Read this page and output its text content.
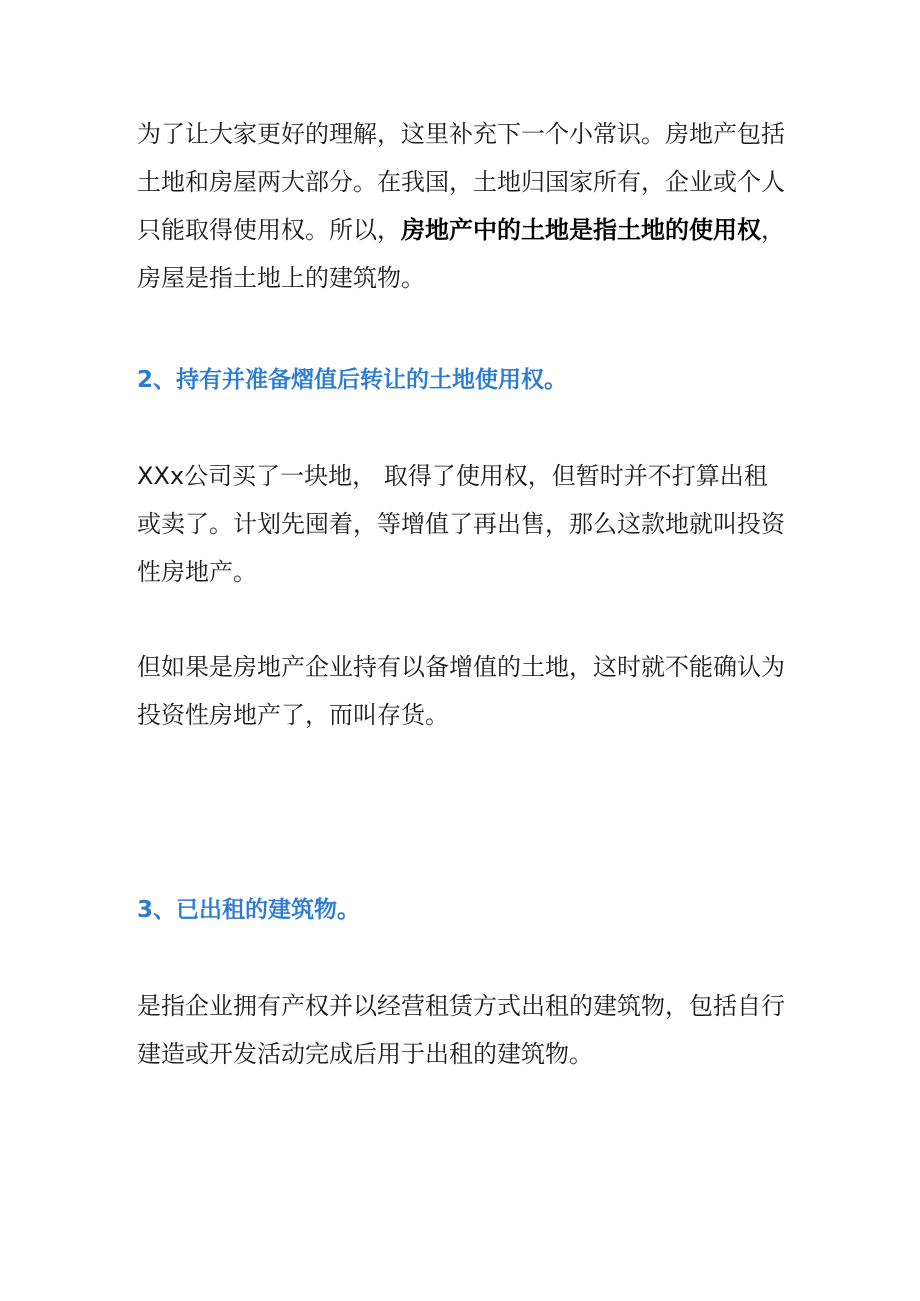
为了让大家更好的理解，这里补充下一个小常识。房地产包括土地和房屋两大部分。在我国，土地归国家所有，企业或个人只能取得使用权。所以，房地产中的土地是指土地的使用权，房屋是指土地上的建筑物。

2、持有并准备熠值后转让的土地使用权。

XXx公司买了一块地， 取得了使用权，但暂时并不打算出租或卖了。计划先囤着，等增值了再出售，那么这款地就叫投资性房地产。

但如果是房地产企业持有以备增值的土地，这时就不能确认为投资性房地产了，而叫存货。

3、已出租的建筑物。

是指企业拥有产权并以经营租赁方式出租的建筑物，包括自行建造或开发活动完成后用于出租的建筑物。
